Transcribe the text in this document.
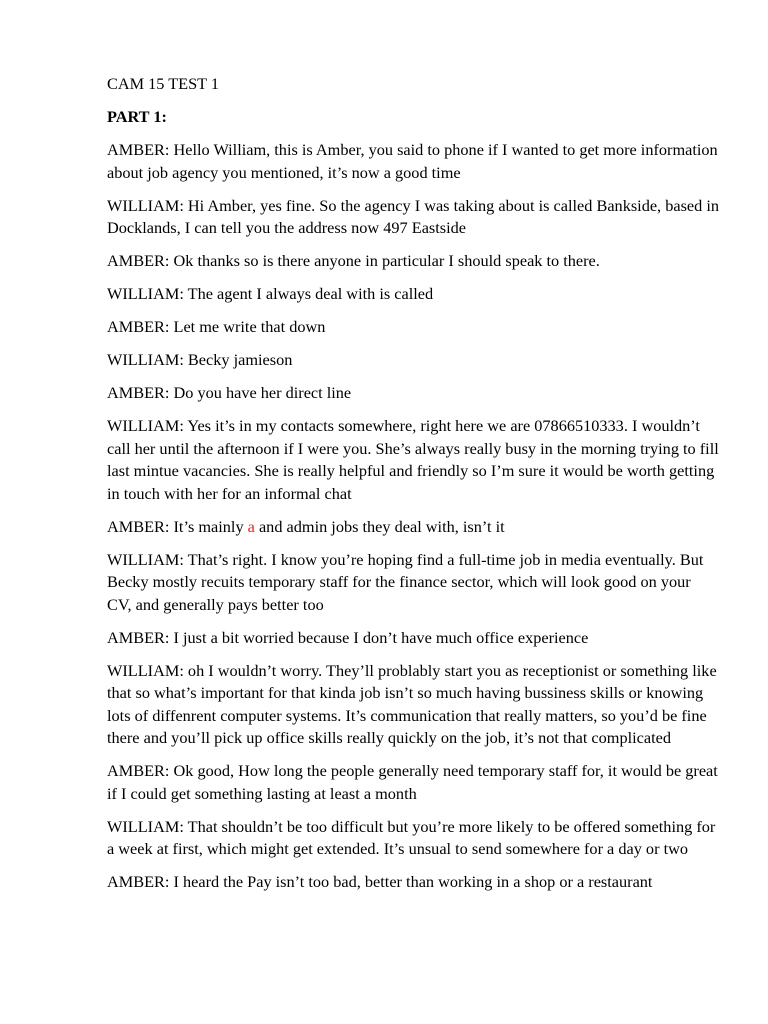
CAM 15 TEST 1

PART 1:

AMBER: Hello William, this is Amber, you said to phone if I wanted to get more information about job agency you mentioned, it’s now a good time

WILLIAM: Hi Amber, yes fine. So the agency I was taking about is called Bankside, based in Docklands, I can tell you the address now 497 Eastside

AMBER: Ok thanks so is there anyone in particular I should speak to there.

WILLIAM: The agent I always deal with is called

AMBER: Let me write that down

WILLIAM: Becky jamieson

AMBER: Do you have her direct line

WILLIAM: Yes it’s in my contacts somewhere, right here we are 07866510333. I wouldn’t call her until the afternoon if I were you. She’s always really busy in the morning trying to fill last mintue vacancies. She is really helpful and friendly so I’m sure it would be worth getting in touch with her for an informal chat

AMBER: It’s mainly a and admin jobs they deal with, isn’t it

WILLIAM: That’s right. I know you’re hoping find a full-time job in media eventually. But Becky mostly recuits temporary staff for the finance sector, which will look good on your CV, and generally pays better too

AMBER: I just a bit worried because I don’t have much office experience

WILLIAM: oh I wouldn’t worry. They’ll problably start you as receptionist or something like that so what’s important for that kinda job isn’t so much having bussiness skills or knowing lots of diffenrent computer systems. It’s communication that really matters, so you’d be fine there and you’ll pick up office skills really quickly on the job, it’s not that complicated

AMBER: Ok good, How long the people generally need temporary staff for, it would be great if I could get something lasting at least a month

WILLIAM: That shouldn’t be too difficult but you’re more likely to be offered something for a week at first, which might get extended. It’s unsual to send somewhere for a day or two

AMBER: I heard the Pay isn’t too bad, better than working in a shop or a restaurant
